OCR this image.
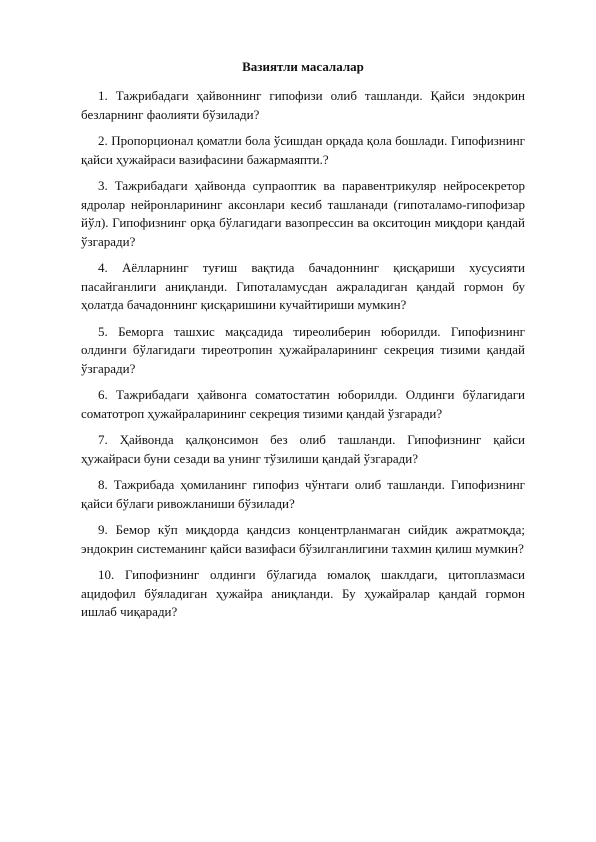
Вазиятли масалалар

1. Тажрибадаги ҳайвоннинг гипофизи олиб ташланди. Қайси эндокрин безларнинг фаолияти бўзилади?

2. Пропорционал қоматли бола ўсишдан орқада қола бошлади. Гипофизнинг қайси ҳужайраси вазифасини бажармаяпти.?

3. Тажрибадаги ҳайвонда супраоптик ва паравентрикуляр нейросекретор ядролар нейронларининг аксонлари кесиб ташланади (гипоталамо-гипофизар йўл). Гипофизнинг орқа бўлагидаги вазопрессин ва окситоцин миқдори қандай ўзгаради?

4. Аёлларнинг туғиш вақтида бачадоннинг қисқариши хусусияти пасайганлиги аниқланди. Гипоталамусдан ажраладиган қандай гормон бу ҳолатда бачадоннинг қисқаришини кучайтириши мумкин?

5. Беморга ташхис мақсадида тиреолиберин юборилди. Гипофизнинг олдинги бўлагидаги тиреотропин ҳужайраларининг секреция тизими қандай ўзгаради?

6. Тажрибадаги ҳайвонга соматостатин юборилди. Олдинги бўлагидаги соматотроп ҳужайраларининг секреция тизими қандай ўзгаради?

7. Ҳайвонда қалқонсимон без олиб ташланди. Гипофизнинг қайси ҳужайраси буни сезади ва унинг тўзилиши қандай ўзгаради?

8. Тажрибада ҳомиланинг гипофиз чўнтаги олиб ташланди. Гипофизнинг қайси бўлаги ривожланиши бўзилади?

9. Бемор кўп миқдорда қандсиз концентрланмаган сийдик ажратмоқда; эндокрин системанинг қайси вазифаси бўзилганлигини тахмин қилиш мумкин?

10. Гипофизнинг олдинги бўлагида юмалоқ шаклдаги, цитоплазмаси ацидофил бўяладиган ҳужайра аниқланди. Бу ҳужайралар қандай гормон ишлаб чиқаради?
